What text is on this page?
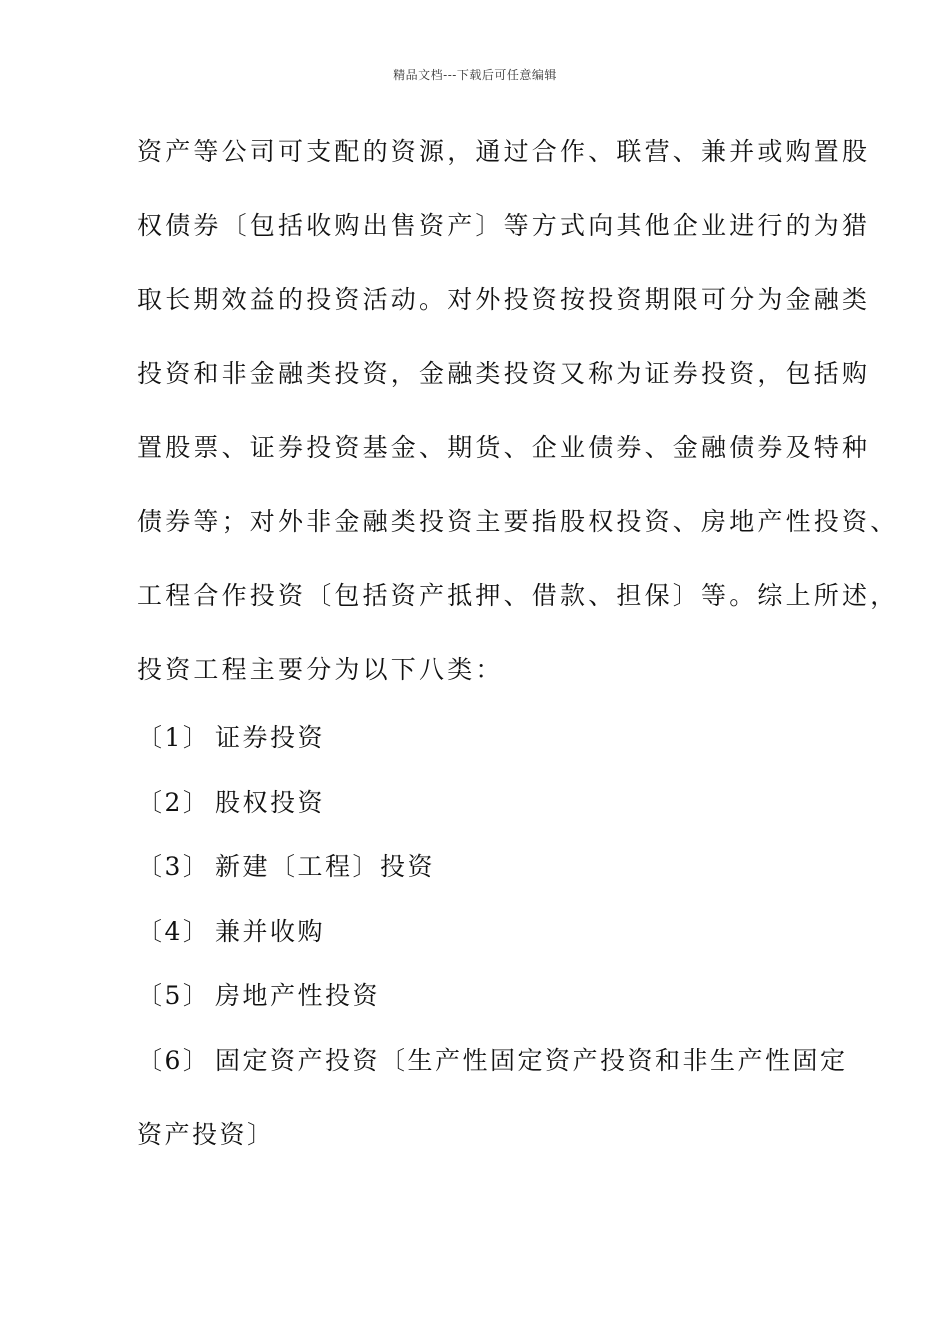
精品文档---下载后可任意编辑
资产等公司可支配的资源，通过合作、联营、兼并或购置股
权债券〔包括收购出售资产〕等方式向其他企业进行的为猎
取长期效益的投资活动。对外投资按投资期限可分为金融类
投资和非金融类投资，金融类投资又称为证券投资，包括购
置股票、证券投资基金、期货、企业债券、金融债券及特种
债券等；对外非金融类投资主要指股权投资、房地产性投资、
工程合作投资〔包括资产抵押、借款、担保〕等。综上所述，
投资工程主要分为以下八类：
〔1〕 证券投资
〔2〕 股权投资
〔3〕 新建〔工程〕投资
〔4〕 兼并收购
〔5〕 房地产性投资
〔6〕 固定资产投资〔生产性固定资产投资和非生产性固定
资产投资〕
